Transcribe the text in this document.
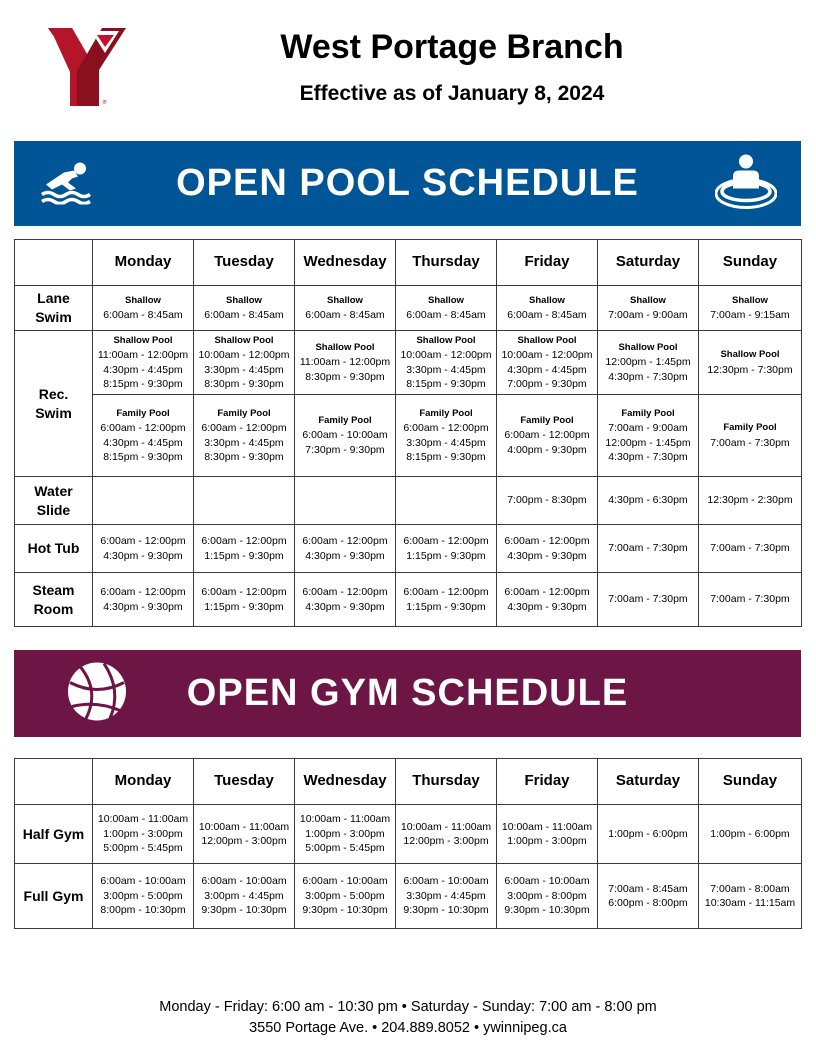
®
West Portage Branch
Effective as of January 8, 2024
OPEN POOL SCHEDULE
	Monday	Tuesday	Wednesday	Thursday	Friday	Saturday	Sunday

Lane
Swim	Shallow
6:00am - 8:45am	Shallow
6:00am - 8:45am	Shallow
6:00am - 8:45am	Shallow
6:00am - 8:45am	Shallow
6:00am - 8:45am	Shallow
7:00am - 9:00am	Shallow
7:00am - 9:15am

Rec.
Swim	Shallow Pool
11:00am - 12:00pm
4:30pm - 4:45pm
8:15pm - 9:30pm	Shallow Pool
10:00am - 12:00pm
3:30pm - 4:45pm
8:30pm - 9:30pm	Shallow Pool
11:00am - 12:00pm
8:30pm - 9:30pm	Shallow Pool
10:00am - 12:00pm
3:30pm - 4:45pm
8:15pm - 9:30pm	Shallow Pool
10:00am - 12:00pm
4:30pm - 4:45pm
7:00pm - 9:30pm	Shallow Pool
12:00pm - 1:45pm
4:30pm - 7:30pm	Shallow Pool
12:30pm - 7:30pm

	Family Pool
6:00am - 12:00pm
4:30pm - 4:45pm
8:15pm - 9:30pm	Family Pool
6:00am - 12:00pm
3:30pm - 4:45pm
8:30pm - 9:30pm	Family Pool
6:00am - 10:00am
7:30pm - 9:30pm	Family Pool
6:00am - 12:00pm
3:30pm - 4:45pm
8:15pm - 9:30pm	Family Pool
6:00am - 12:00pm
4:00pm - 9:30pm	Family Pool
7:00am - 9:00am
12:00pm - 1:45pm
4:30pm - 7:30pm	Family Pool
7:00am - 7:30pm

Water
Slide					7:00pm - 8:30pm	4:30pm - 6:30pm	12:30pm - 2:30pm

Hot Tub	6:00am - 12:00pm
4:30pm - 9:30pm	6:00am - 12:00pm
1:15pm - 9:30pm	6:00am - 12:00pm
4:30pm - 9:30pm	6:00am - 12:00pm
1:15pm - 9:30pm	6:00am - 12:00pm
4:30pm - 9:30pm	7:00am - 7:30pm	7:00am - 7:30pm

Steam
Room	6:00am - 12:00pm
4:30pm - 9:30pm	6:00am - 12:00pm
1:15pm - 9:30pm	6:00am - 12:00pm
4:30pm - 9:30pm	6:00am - 12:00pm
1:15pm - 9:30pm	6:00am - 12:00pm
4:30pm - 9:30pm	7:00am - 7:30pm	7:00am - 7:30pm
OPEN GYM SCHEDULE
	Monday	Tuesday	Wednesday	Thursday	Friday	Saturday	Sunday

Half Gym	10:00am - 11:00am
1:00pm - 3:00pm
5:00pm - 5:45pm	10:00am - 11:00am
12:00pm - 3:00pm	10:00am - 11:00am
1:00pm - 3:00pm
5:00pm - 5:45pm	10:00am - 11:00am
12:00pm - 3:00pm	10:00am - 11:00am
1:00pm - 3:00pm	1:00pm - 6:00pm	1:00pm - 6:00pm

Full Gym	6:00am - 10:00am
3:00pm - 5:00pm
8:00pm - 10:30pm	6:00am - 10:00am
3:00pm - 4:45pm
9:30pm - 10:30pm	6:00am - 10:00am
3:00pm - 5:00pm
9:30pm - 10:30pm	6:00am - 10:00am
3:30pm - 4:45pm
9:30pm - 10:30pm	6:00am - 10:00am
3:00pm - 8:00pm
9:30pm - 10:30pm	7:00am - 8:45am
6:00pm - 8:00pm	7:00am - 8:00am
10:30am - 11:15am
Monday - Friday: 6:00 am - 10:30 pm • Saturday - Sunday: 7:00 am - 8:00 pm
3550 Portage Ave. • 204.889.8052 • ywinnipeg.ca
